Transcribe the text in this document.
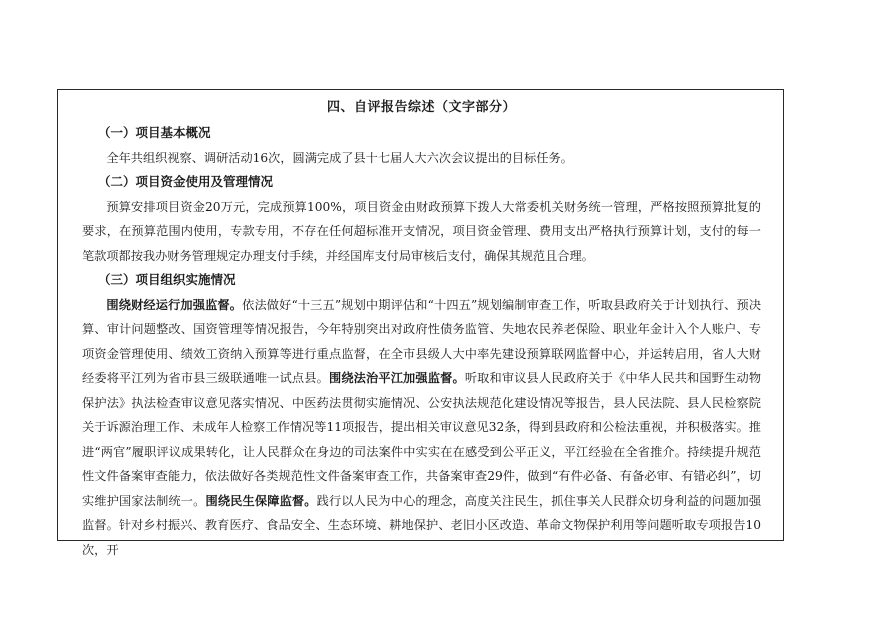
四、自评报告综述（文字部分）
（一）项目基本概况

全年共组织视察、调研活动16次，圆满完成了县十七届人大六次会议提出的目标任务。

（二）项目资金使用及管理情况

预算安排项目资金20万元，完成预算100%，项目资金由财政预算下拨人大常委机关财务统一管理，严格按照预算批复的要求，在预算范围内使用，专款专用，不存在任何超标准开支情况，项目资金管理、费用支出严格执行预算计划，支付的每一笔款项都按我办财务管理规定办理支付手续，并经国库支付局审核后支付，确保其规范且合理。

（三）项目组织实施情况

围绕财经运行加强监督。依法做好“十三五”规划中期评估和“十四五”规划编制审查工作，听取县政府关于计划执行、预决算、审计问题整改、国资管理等情况报告，今年特别突出对政府性债务监管、失地农民养老保险、职业年金计入个人账户、专项资金管理使用、绩效工资纳入预算等进行重点监督，在全市县级人大中率先建设预算联网监督中心，并运转启用，省人大财经委将平江列为省市县三级联通唯一试点县。围绕法治平江加强监督。听取和审议县人民政府关于《中华人民共和国野生动物保护法》执法检查审议意见落实情况、中医药法贯彻实施情况、公安执法规范化建设情况等报告，县人民法院、县人民检察院关于诉源治理工作、未成年人检察工作情况等11项报告，提出相关审议意见32条，得到县政府和公检法重视，并积极落实。推进“两官”履职评议成果转化，让人民群众在身边的司法案件中实实在在感受到公平正义，平江经验在全省推介。持续提升规范性文件备案审查能力，依法做好各类规范性文件备案审查工作，共备案审查29件，做到“有件必备、有备必审、有错必纠”，切实维护国家法制统一。围绕民生保障监督。践行以人民为中心的理念，高度关注民生，抓住事关人民群众切身利益的问题加强监督。针对乡村振兴、教育医疗、食品安全、生态环境、耕地保护、老旧小区改造、革命文物保护利用等问题听取专项报告10次，开
